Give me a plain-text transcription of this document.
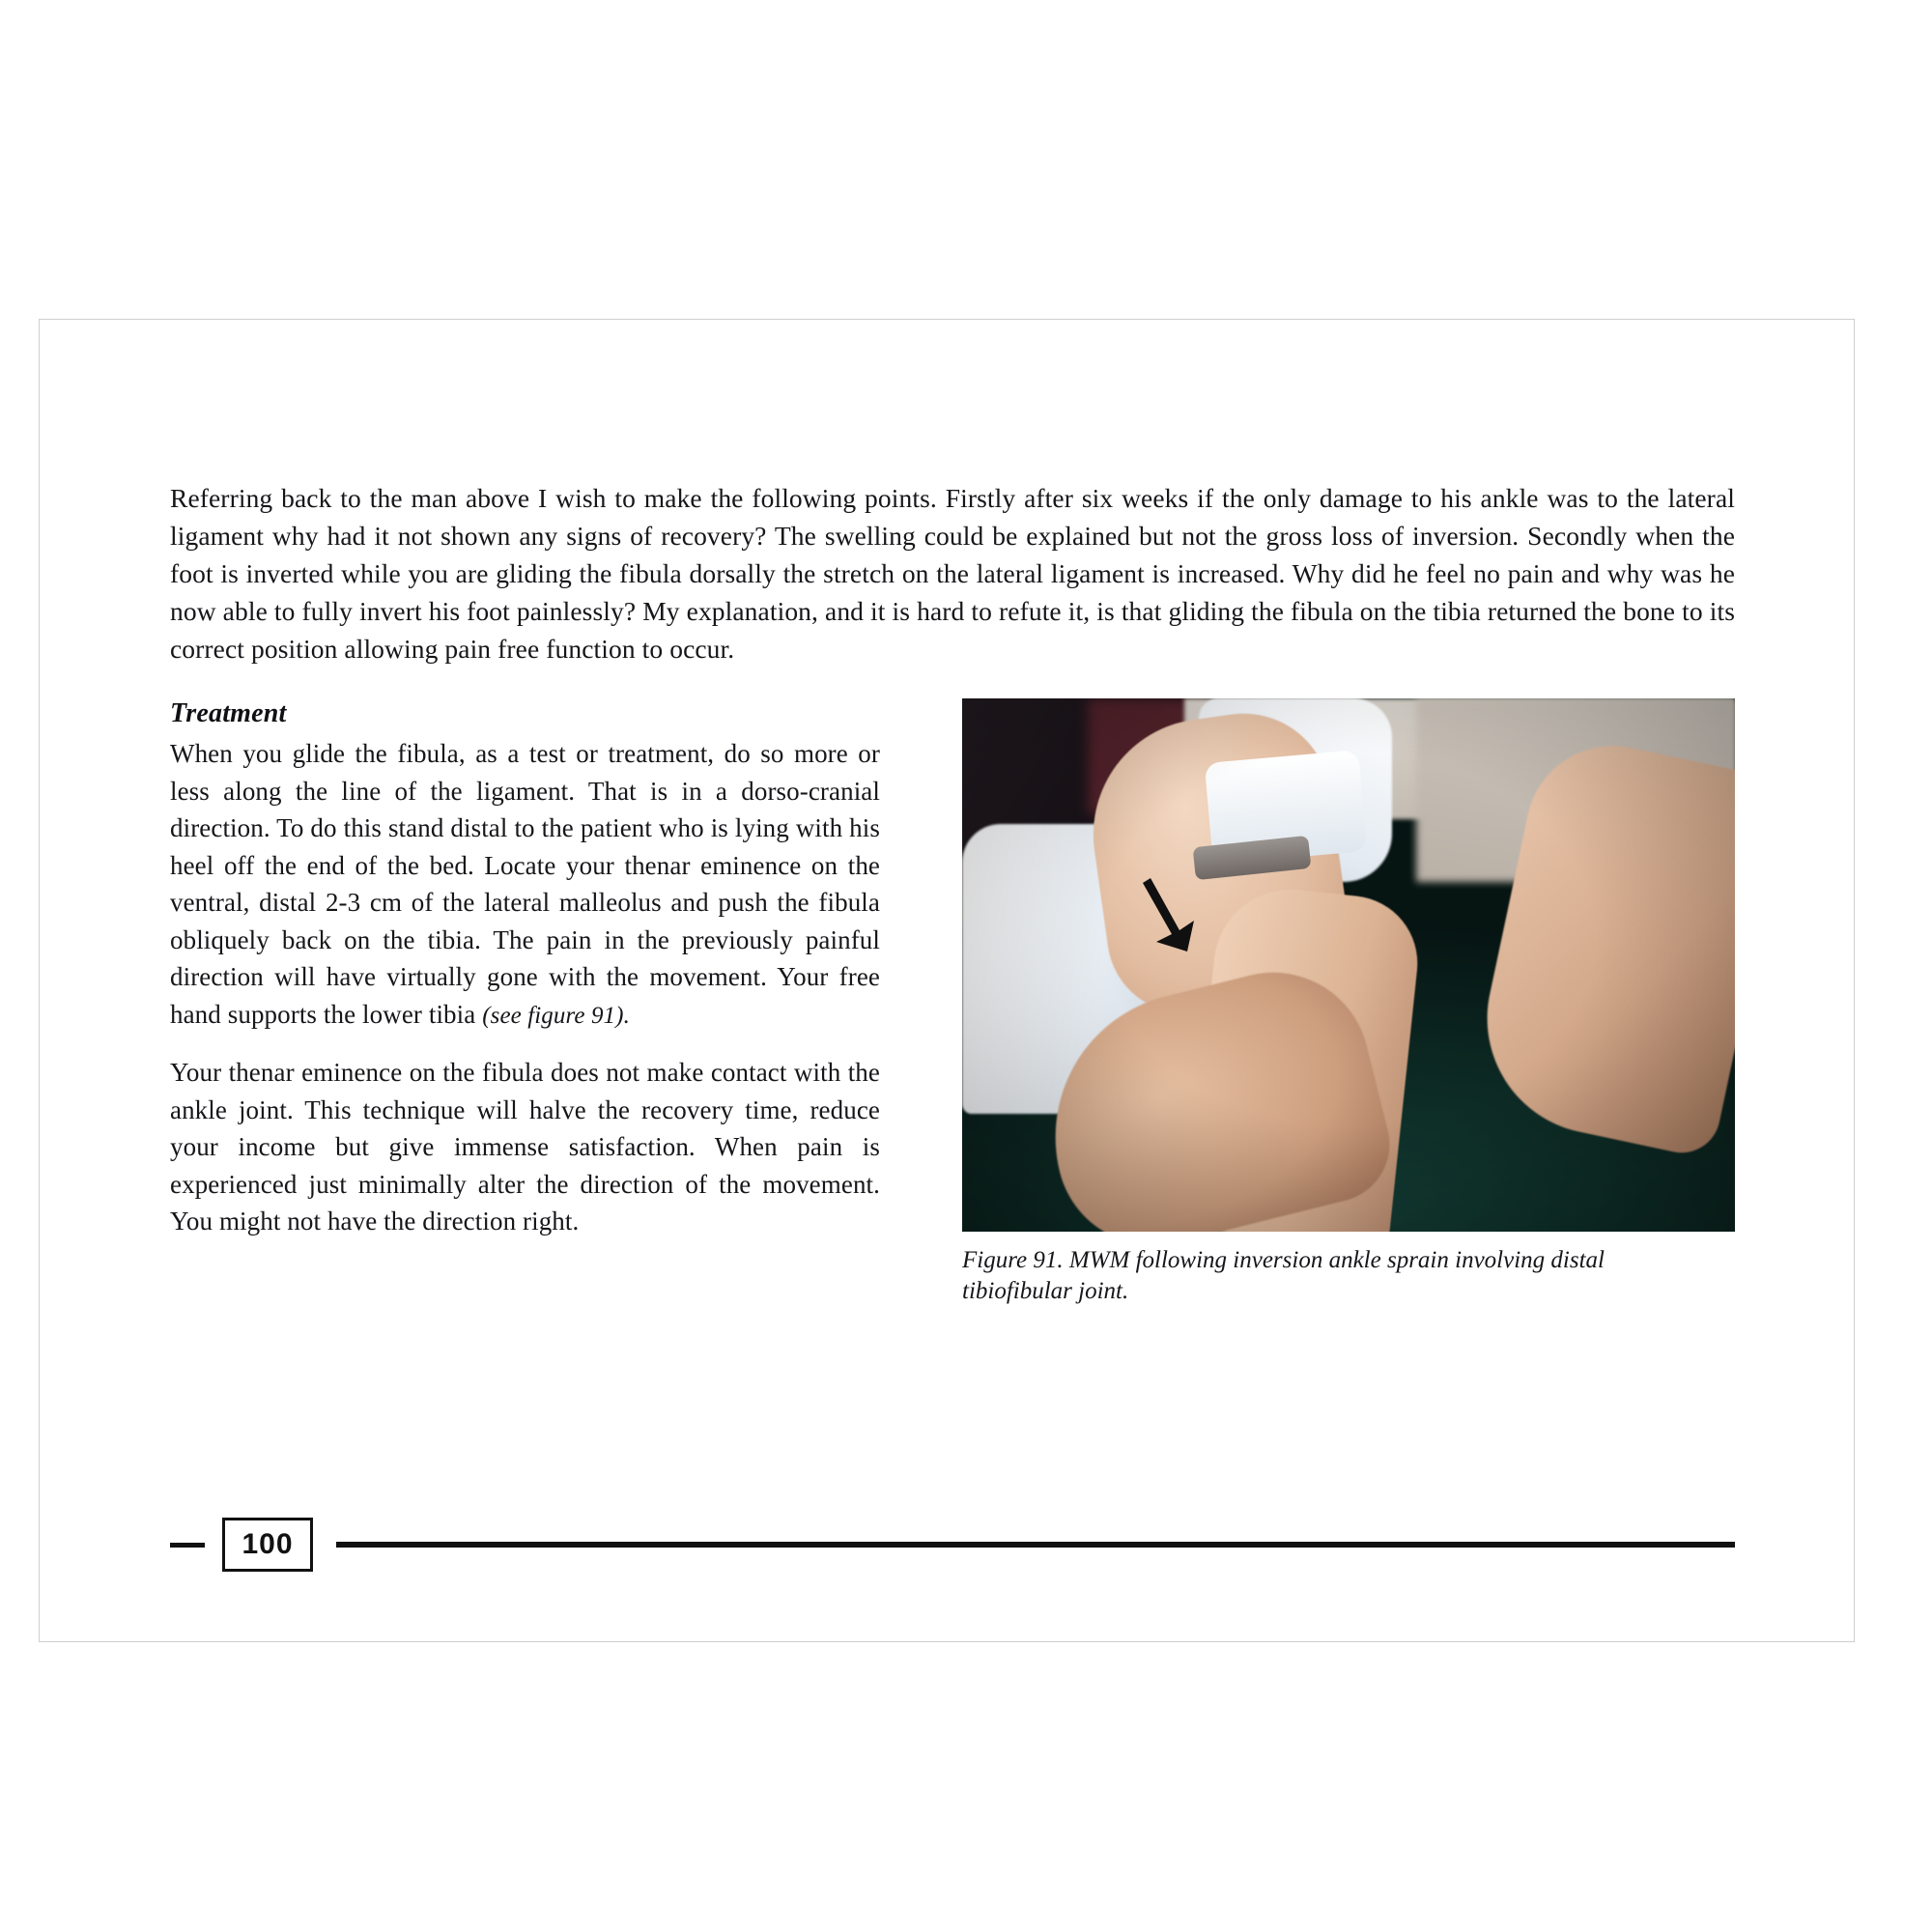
Referring back to the man above I wish to make the following points. Firstly after six weeks if the only damage to his ankle was to the lateral ligament why had it not shown any signs of recovery? The swelling could be explained but not the gross loss of inversion. Secondly when the foot is inverted while you are gliding the fibula dorsally the stretch on the lateral ligament is increased. Why did he feel no pain and why was he now able to fully invert his foot painlessly? My explanation, and it is hard to refute it, is that gliding the fibula on the tibia returned the bone to its correct position allowing pain free function to occur.

Treatment

When you glide the fibula, as a test or treatment, do so more or less along the line of the ligament. That is in a dorso-cranial direction. To do this stand distal to the patient who is lying with his heel off the end of the bed. Locate your thenar eminence on the ventral, distal 2-3 cm of the lateral malleolus and push the fibula obliquely back on the tibia. The pain in the previously painful direction will have virtually gone with the movement. Your free hand supports the lower tibia (see figure 91).

Your thenar eminence on the fibula does not make contact with the ankle joint. This technique will halve the recovery time, reduce your income but give immense satisfaction. When pain is experienced just minimally alter the direction of the movement. You might not have the direction right.

Figure 91. MWM following inversion ankle sprain involving distal tibiofibular joint.
100
